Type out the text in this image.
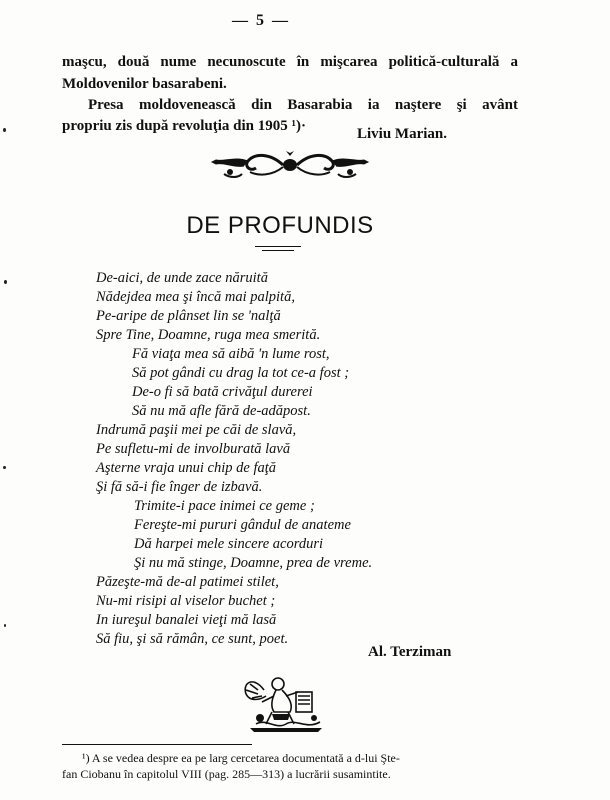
— 5 —
maşcu, două nume necunoscute în mişcarea politică-culturală a
Moldovenilor basarabeni.
Presa moldovenească din Basarabia ia naştere şi avânt
propriu zis după revoluţia din 1905 ¹)·	Liviu Marian.
DE PROFUNDIS
De-aici, de unde zace năruită
Nădejdea mea şi încă mai palpită,
Pe-aripe de plânset lin se 'nalţă
Spre Tine, Doamne, ruga mea smerită.
Fă viaţa mea să aibă 'n lume rost,
Să pot gândi cu drag la tot ce-a fost ;
De-o fi să bată crivăţul durerei
Să nu mă afle fără de-adăpost.
Indrumă paşii mei pe căi de slavă,
Pe sufletu-mi de involburată lavă
Aşterne vraja unui chip de faţă
Şi fă să-i fie înger de izbavă.
Trimite-i pace inimei ce geme ;
Fereşte-mi pururi gândul de anateme
Dă harpei mele sincere acorduri
Şi nu mă stinge, Doamne, prea de vreme.
Păzeşte-mă de-al patimei stilet,
Nu-mi risipi al viselor buchet ;
In iureşul banalei vieţi mă lasă
Să fiu, şi să rămân, ce sunt, poet.
Al. Terziman
¹) A se vedea despre ea pe larg cercetarea documentată a d-lui Şte-
fan Ciobanu în capitolul VIII (pag. 285—313) a lucrării susamintite.
